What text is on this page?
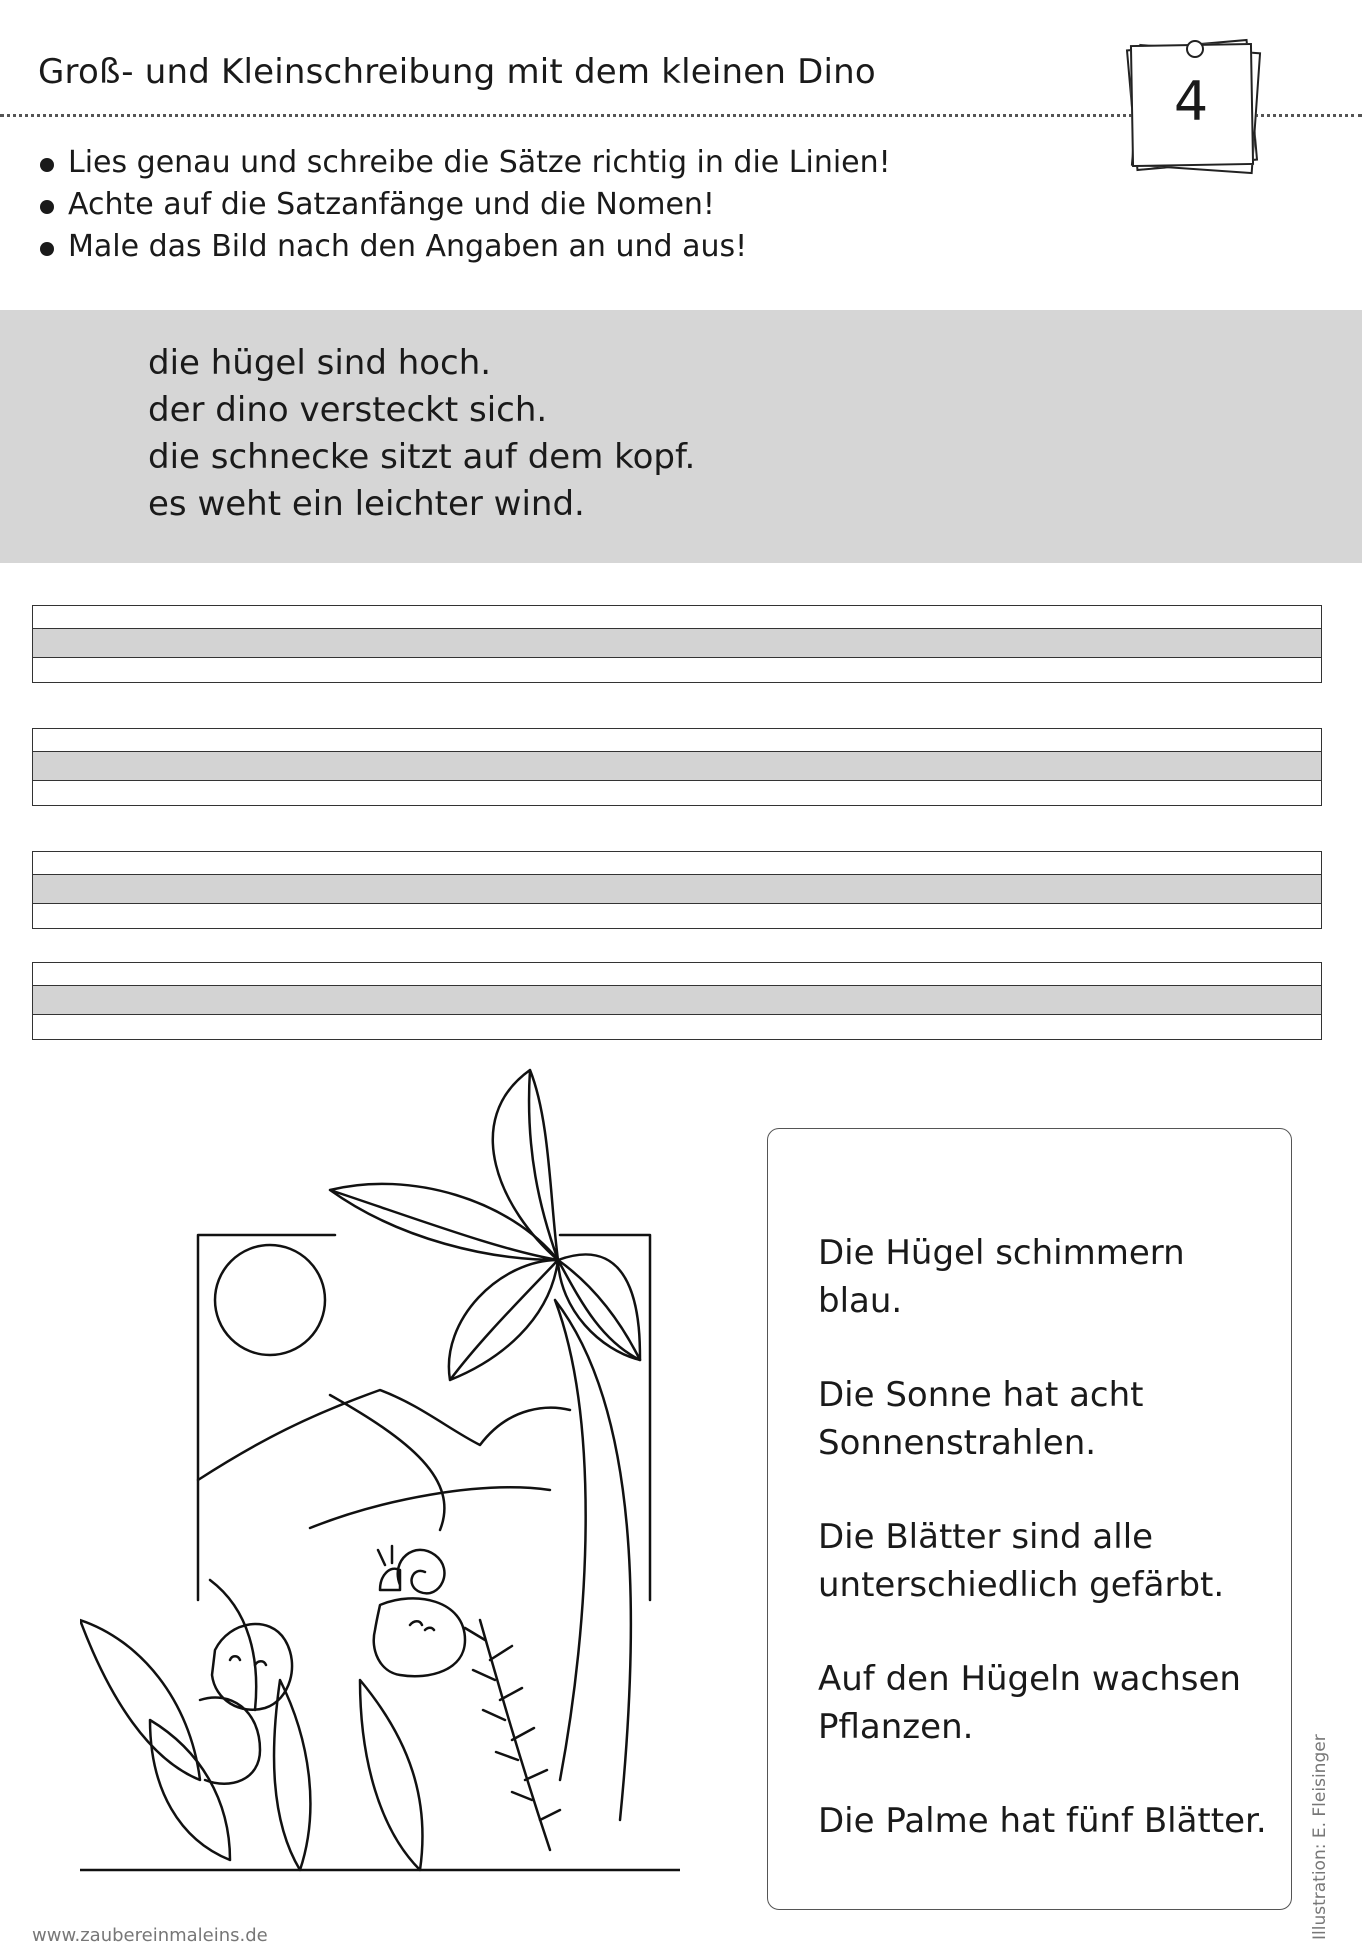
Groß- und Kleinschreibung mit dem kleinen Dino	4
Lies genau und schreibe die Sätze richtig in die Linien!
Achte auf die Satzanfänge und die Nomen!
Male das Bild nach den Angaben an und aus!
die hügel sind hoch.
der dino versteckt sich.
die schnecke sitzt auf dem kopf.
es weht ein leichter wind.
Die Hügel schimmern blau.
Die Sonne hat acht
Sonnenstrahlen.
Die Blätter sind alle
unterschiedlich gefärbt.
Auf den Hügeln wachsen
Pflanzen.
Die Palme hat fünf Blätter.	Illustration: E. Fleisinger
www.zaubereinmaleins.de
